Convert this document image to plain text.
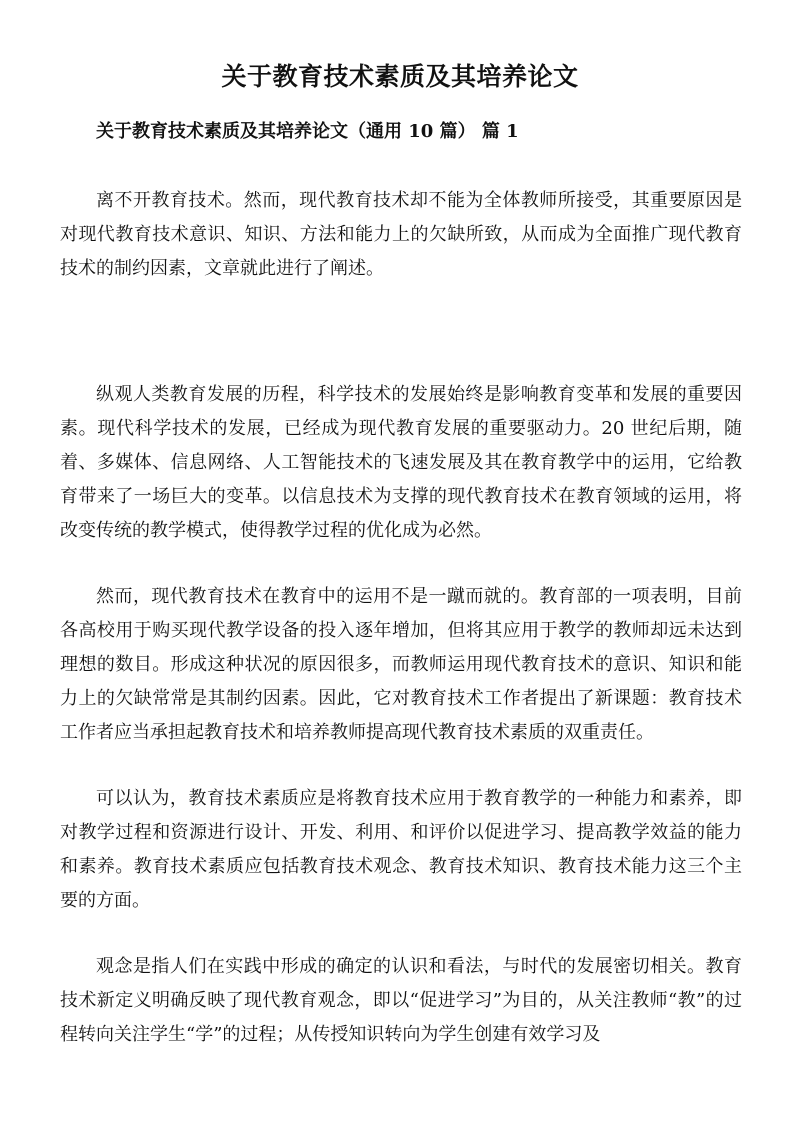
关于教育技术素质及其培养论文
关于教育技术素质及其培养论文（通用 10 篇） 篇 1

离不开教育技术。然而，现代教育技术却不能为全体教师所接受，其重要原因是对现代教育技术意识、知识、方法和能力上的欠缺所致，从而成为全面推广现代教育技术的制约因素，文章就此进行了阐述。

纵观人类教育发展的历程，科学技术的发展始终是影响教育变革和发展的重要因素。现代科学技术的发展，已经成为现代教育发展的重要驱动力。20 世纪后期，随着、多媒体、信息网络、人工智能技术的飞速发展及其在教育教学中的运用，它给教育带来了一场巨大的变革。以信息技术为支撑的现代教育技术在教育领域的运用，将改变传统的教学模式，使得教学过程的优化成为必然。

然而，现代教育技术在教育中的运用不是一蹴而就的。教育部的一项表明，目前各高校用于购买现代教学设备的投入逐年增加，但将其应用于教学的教师却远未达到理想的数目。形成这种状况的原因很多，而教师运用现代教育技术的意识、知识和能力上的欠缺常常是其制约因素。因此，它对教育技术工作者提出了新课题：教育技术工作者应当承担起教育技术和培养教师提高现代教育技术素质的双重责任。

可以认为，教育技术素质应是将教育技术应用于教育教学的一种能力和素养，即对教学过程和资源进行设计、开发、利用、和评价以促进学习、提高教学效益的能力和素养。教育技术素质应包括教育技术观念、教育技术知识、教育技术能力这三个主要的方面。

观念是指人们在实践中形成的确定的认识和看法，与时代的发展密切相关。教育技术新定义明确反映了现代教育观念，即以“促进学习”为目的，从关注教师“教”的过程转向关注学生“学”的过程；从传授知识转向为学生创建有效学习及
